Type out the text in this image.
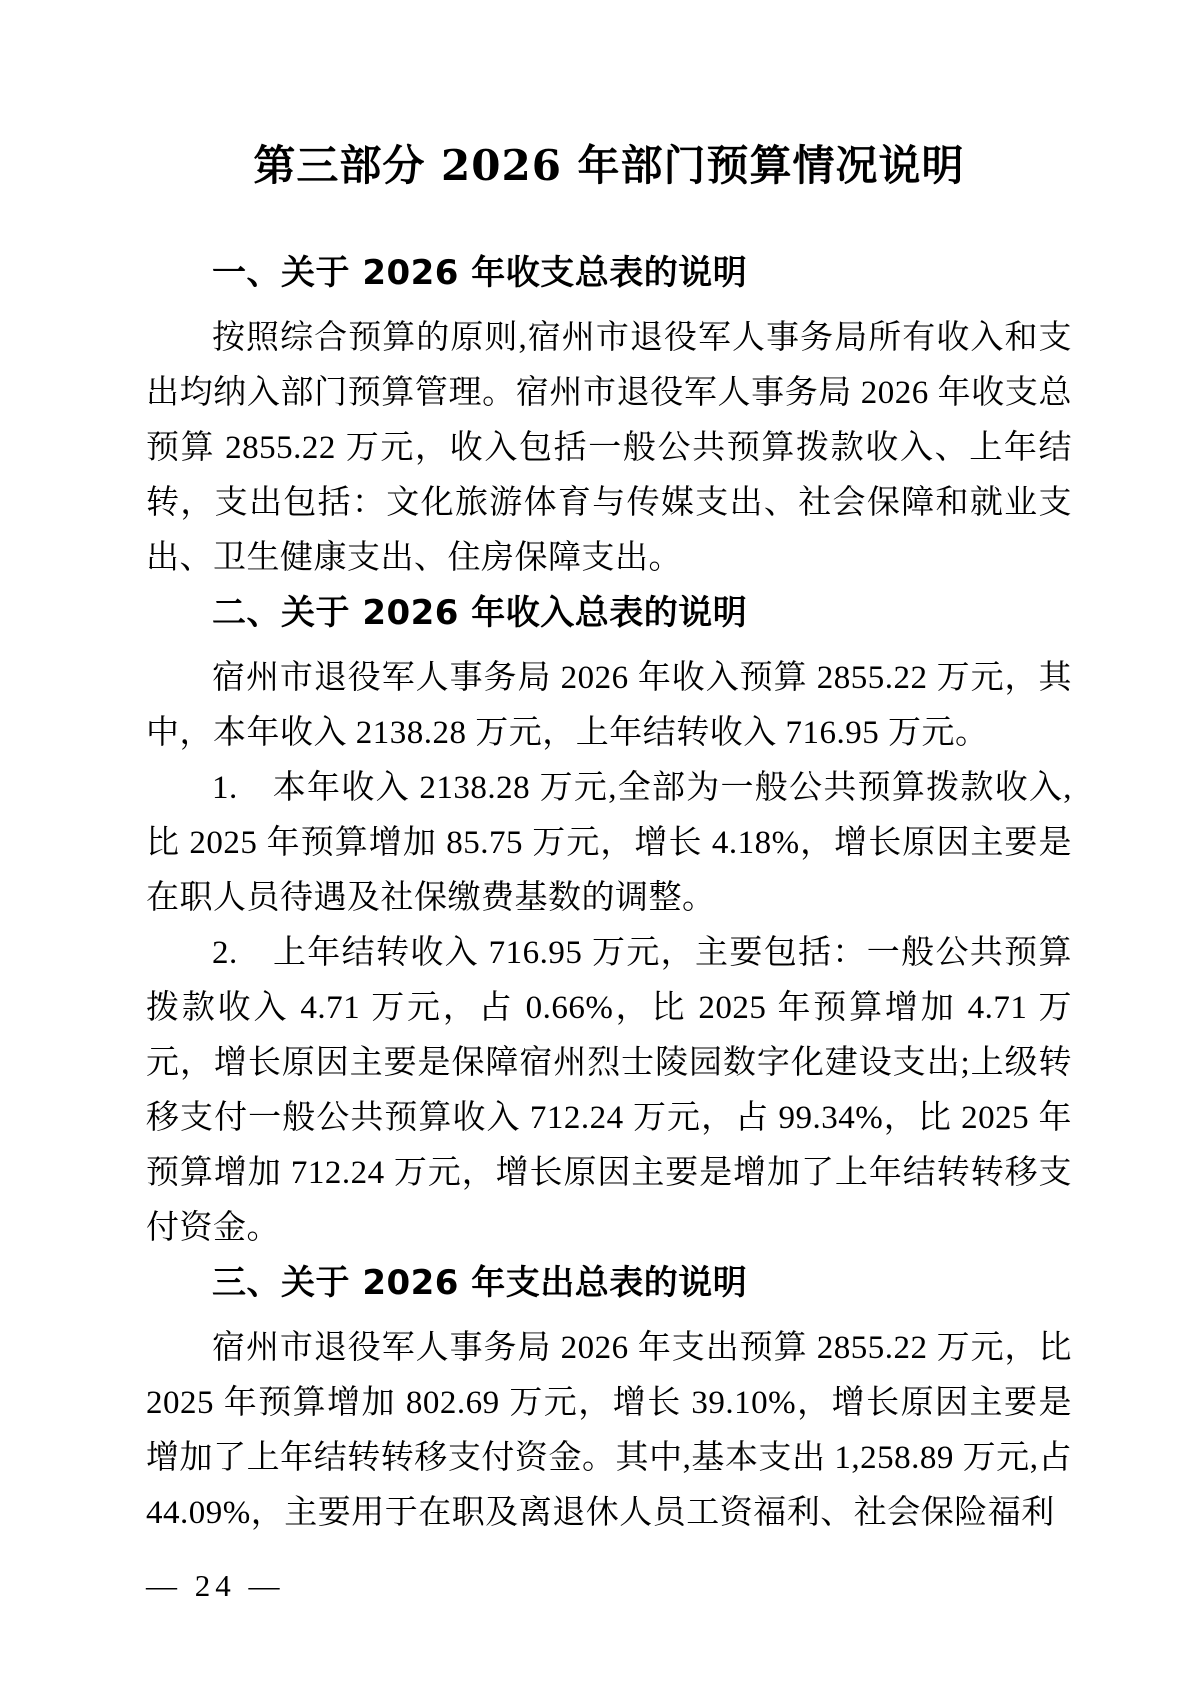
第三部分 2026 年部门预算情况说明
一、关于 2026 年收支总表的说明

按照综合预算的原则,宿州市退役军人事务局所有收入和支出均纳入部门预算管理。宿州市退役军人事务局 2026 年收支总预算 2855.22 万元，收入包括一般公共预算拨款收入、上年结转，支出包括：文化旅游体育与传媒支出、社会保障和就业支出、卫生健康支出、住房保障支出。

二、关于 2026 年收入总表的说明

宿州市退役军人事务局 2026 年收入预算 2855.22 万元，其中，本年收入 2138.28 万元，上年结转收入 716.95 万元。

1.　本年收入 2138.28 万元,全部为一般公共预算拨款收入,比 2025 年预算增加 85.75 万元，增长 4.18%，增长原因主要是在职人员待遇及社保缴费基数的调整。

2.　上年结转收入 716.95 万元，主要包括：一般公共预算拨款收入 4.71 万元，占 0.66%，比 2025 年预算增加 4.71 万元，增长原因主要是保障宿州烈士陵园数字化建设支出;上级转移支付一般公共预算收入 712.24 万元，占 99.34%，比 2025 年预算增加 712.24 万元，增长原因主要是增加了上年结转转移支付资金。

三、关于 2026 年支出总表的说明

宿州市退役军人事务局 2026 年支出预算 2855.22 万元，比 2025 年预算增加 802.69 万元，增长 39.10%，增长原因主要是增加了上年结转转移支付资金。其中,基本支出 1,258.89 万元,占 44.09%，主要用于在职及离退休人员工资福利、社会保险福利

— 24 —
